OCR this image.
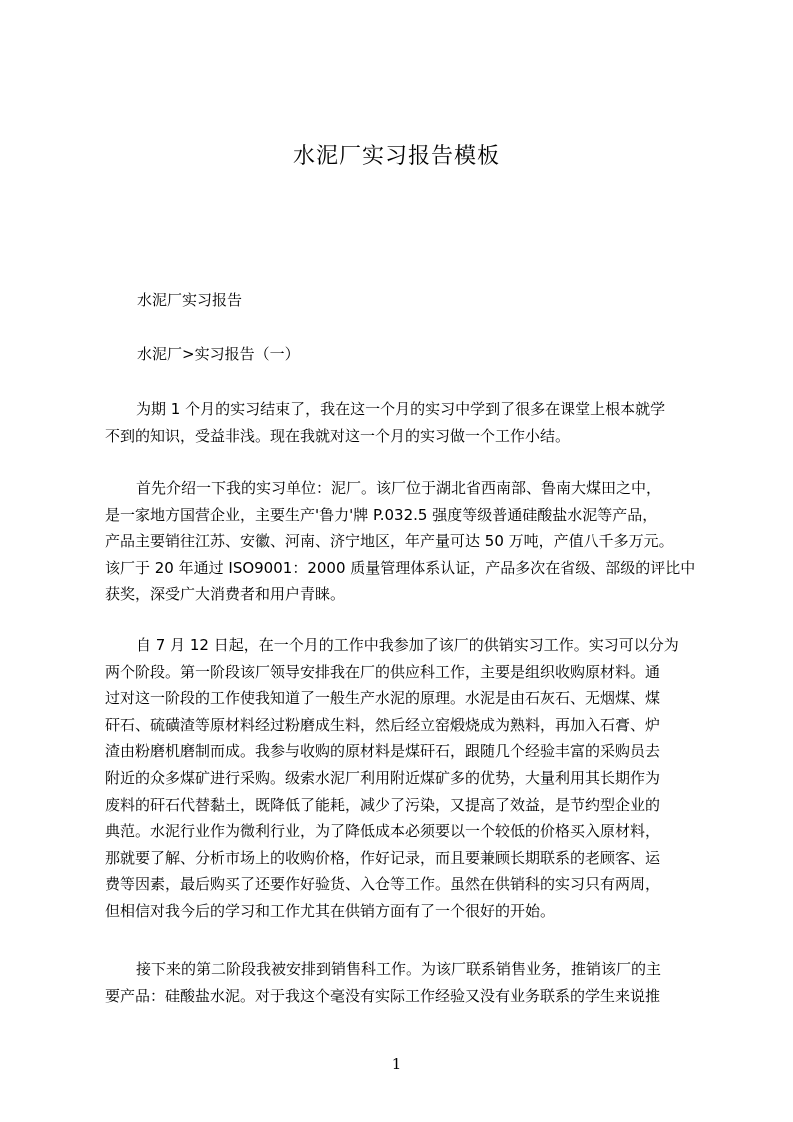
水泥厂实习报告模板
水泥厂实习报告
水泥厂>实习报告（一）
为期 1 个月的实习结束了，我在这一个月的实习中学到了很多在课堂上根本就学
不到的知识，受益非浅。现在我就对这一个月的实习做一个工作小结。
首先介绍一下我的实习单位：泥厂。该厂位于湖北省西南部、鲁南大煤田之中，
是一家地方国营企业，主要生产'鲁力'牌 P.032.5 强度等级普通硅酸盐水泥等产品，
产品主要销往江苏、安徽、河南、济宁地区，年产量可达 50 万吨，产值八千多万元。
该厂于 20 年通过 ISO9001：2000 质量管理体系认证，产品多次在省级、部级的评比中
获奖，深受广大消费者和用户青睐。
自 7 月 12 日起，在一个月的工作中我参加了该厂的供销实习工作。实习可以分为
两个阶段。第一阶段该厂领导安排我在厂的供应科工作，主要是组织收购原材料。通
过对这一阶段的工作使我知道了一般生产水泥的原理。水泥是由石灰石、无烟煤、煤
矸石、硫磺渣等原材料经过粉磨成生料，然后经立窑煅烧成为熟料，再加入石膏、炉
渣由粉磨机磨制而成。我参与收购的原材料是煤矸石，跟随几个经验丰富的采购员去
附近的众多煤矿进行采购。级索水泥厂利用附近煤矿多的优势，大量利用其长期作为
废料的矸石代替黏土，既降低了能耗，减少了污染，又提高了效益，是节约型企业的
典范。水泥行业作为微利行业，为了降低成本必须要以一个较低的价格买入原材料，
那就要了解、分析市场上的收购价格，作好记录，而且要兼顾长期联系的老顾客、运
费等因素，最后购买了还要作好验货、入仓等工作。虽然在供销科的实习只有两周，
但相信对我今后的学习和工作尤其在供销方面有了一个很好的开始。
接下来的第二阶段我被安排到销售科工作。为该厂联系销售业务，推销该厂的主
要产品：硅酸盐水泥。对于我这个毫没有实际工作经验又没有业务联系的学生来说推
1
